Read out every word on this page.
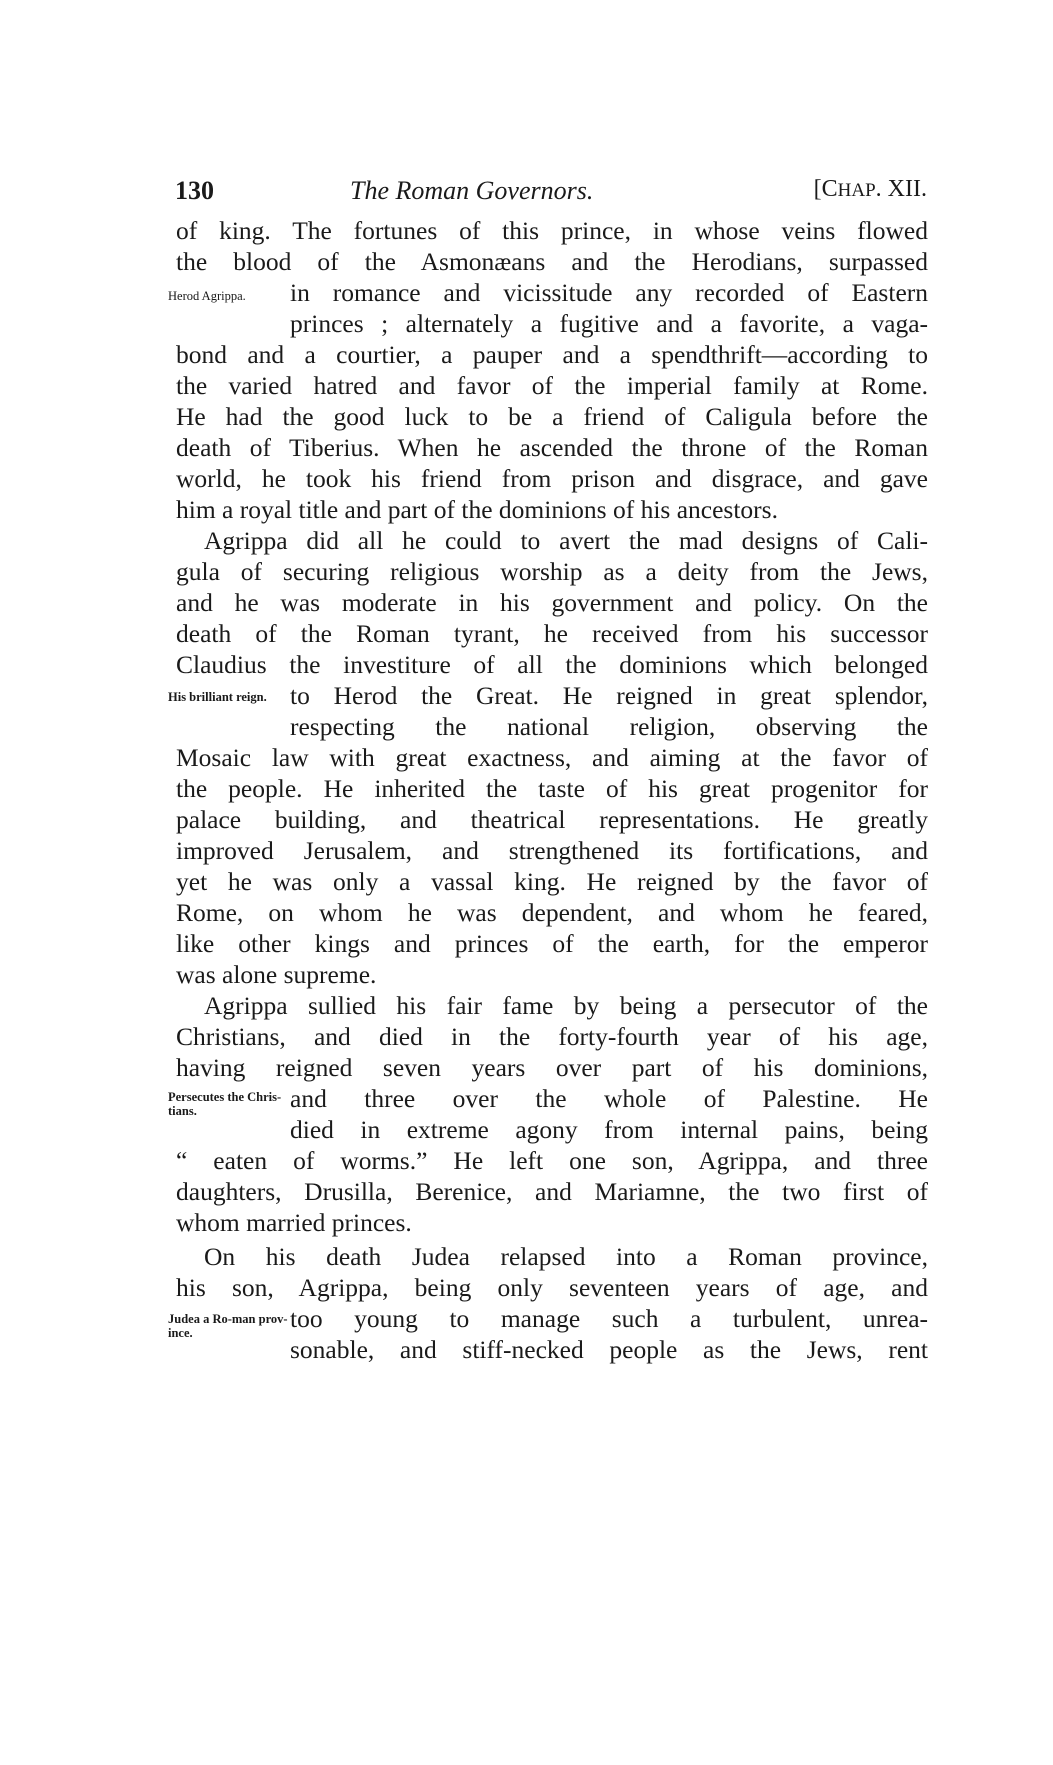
130	The Roman Governors.	[CHAP. XII.
of king. The fortunes of this prince, in whose veins flowed
the blood of the Asmonæans and the Herodians, surpassed
in romance and vicissitude any recorded of Eastern
princes ; alternately a fugitive and a favorite, a vaga-
bond and a courtier, a pauper and a spendthrift—according to
the varied hatred and favor of the imperial family at Rome.
He had the good luck to be a friend of Caligula before the
death of Tiberius. When he ascended the throne of the Roman
world, he took his friend from prison and disgrace, and gave
him a royal title and part of the dominions of his ancestors.
Agrippa did all he could to avert the mad designs of Cali-
gula of securing religious worship as a deity from the Jews,
and he was moderate in his government and policy. On the
death of the Roman tyrant, he received from his successor
Claudius the investiture of all the dominions which belonged
to Herod the Great. He reigned in great splendor,
respecting the national religion, observing the
Mosaic law with great exactness, and aiming at the favor of
the people. He inherited the taste of his great progenitor for
palace building, and theatrical representations. He greatly
improved Jerusalem, and strengthened its fortifications, and
yet he was only a vassal king. He reigned by the favor of
Rome, on whom he was dependent, and whom he feared,
like other kings and princes of the earth, for the emperor
was alone supreme.
Agrippa sullied his fair fame by being a persecutor of the
Christians, and died in the forty-fourth year of his age,
having reigned seven years over part of his dominions,
and three over the whole of Palestine. He
died in extreme agony from internal pains, being
“ eaten of worms.” He left one son, Agrippa, and three
daughters, Drusilla, Berenice, and Mariamne, the two first of
whom married princes.
On his death Judea relapsed into a Roman province,
his son, Agrippa, being only seventeen years of age, and
too young to manage such a turbulent, unrea-
sonable, and stiff-necked people as the Jews, rent
Herod Agrippa.
His brilliant reign.
Persecutes the Chris-tians.
Judea a Ro-man prov-ince.
